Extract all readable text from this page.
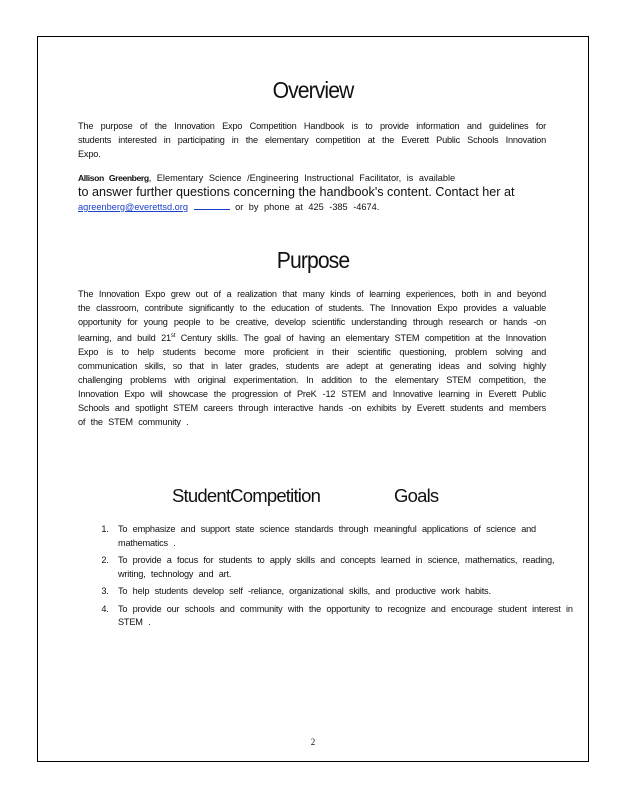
Overview
The purpose of the Innovation Expo Competition Handbook is to provide information and guidelines for students interested in participating in the elementary competition at the Everett Public Schools Innovation Expo.
Allison Greenberg, Elementary Science /Engineering Instructional Facilitator, is available
to answer further questions concerning the handbook's content. Contact her at
agreenberg@everettsd.org	or by phone at 425 -385 -4674.
Purpose
The Innovation Expo grew out of a realization that many kinds of learning experiences, both in and beyond the classroom, contribute significantly to the education of students. The Innovation Expo provides a valuable opportunity for young people to be creative, develop scientific understanding through research or hands -on learning, and build 21st Century skills. The goal of having an elementary STEM competition at the Innovation Expo is to help students become more proficient in their scientific questioning, problem solving and communication skills, so that in later grades, students are adept at generating ideas and solving highly challenging problems with original experimentation. In addition to the elementary STEM competition, the Innovation Expo will showcase the progression of PreK -12 STEM and Innovative learning in Everett Public Schools and spotlight STEM careers through interactive hands -on exhibits by Everett students and members of the STEM community .
StudentCompetition	Goals
1. To emphasize and support state science standards through meaningful applications of science and mathematics .
2. To provide a focus for students to apply skills and concepts learned in science, mathematics, reading, writing, technology and art.
3. To help students develop self -reliance, organizational skills, and productive work habits.
4. To provide our schools and community with the opportunity to recognize and encourage student interest in STEM .
2
